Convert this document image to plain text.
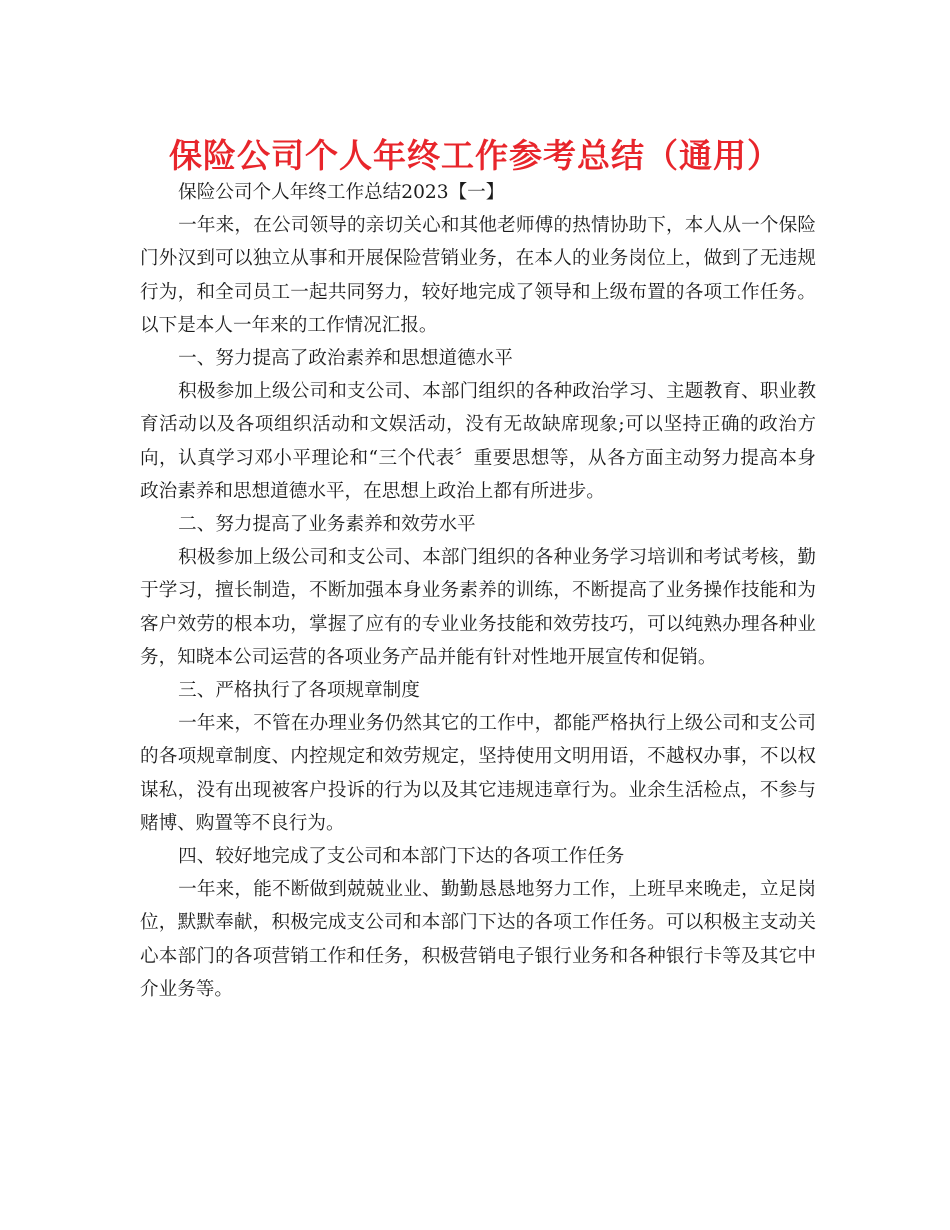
保险公司个人年终工作参考总结（通用）

保险公司个人年终工作总结2023【一】

一年来，在公司领导的亲切关心和其他老师傅的热情协助下，本人从一个保险门外汉到可以独立从事和开展保险营销业务，在本人的业务岗位上，做到了无违规行为，和全司员工一起共同努力，较好地完成了领导和上级布置的各项工作任务。以下是本人一年来的工作情况汇报。

一、努力提高了政治素养和思想道德水平

积极参加上级公司和支公司、本部门组织的各种政治学习、主题教育、职业教育活动以及各项组织活动和文娱活动，没有无故缺席现象;可以坚持正确的政治方向，认真学习邓小平理论和“三个代表〞重要思想等，从各方面主动努力提高本身政治素养和思想道德水平，在思想上政治上都有所进步。

二、努力提高了业务素养和效劳水平

积极参加上级公司和支公司、本部门组织的各种业务学习培训和考试考核，勤于学习，擅长制造，不断加强本身业务素养的训练，不断提高了业务操作技能和为客户效劳的根本功，掌握了应有的专业业务技能和效劳技巧，可以纯熟办理各种业务，知晓本公司运营的各项业务产品并能有针对性地开展宣传和促销。

三、严格执行了各项规章制度

一年来，不管在办理业务仍然其它的工作中，都能严格执行上级公司和支公司的各项规章制度、内控规定和效劳规定，坚持使用文明用语，不越权办事，不以权谋私，没有出现被客户投诉的行为以及其它违规违章行为。业余生活检点，不参与赌博、购置等不良行为。

四、较好地完成了支公司和本部门下达的各项工作任务

一年来，能不断做到兢兢业业、勤勤恳恳地努力工作，上班早来晚走，立足岗位，默默奉献，积极完成支公司和本部门下达的各项工作任务。可以积极主支动关心本部门的各项营销工作和任务，积极营销电子银行业务和各种银行卡等及其它中介业务等。
